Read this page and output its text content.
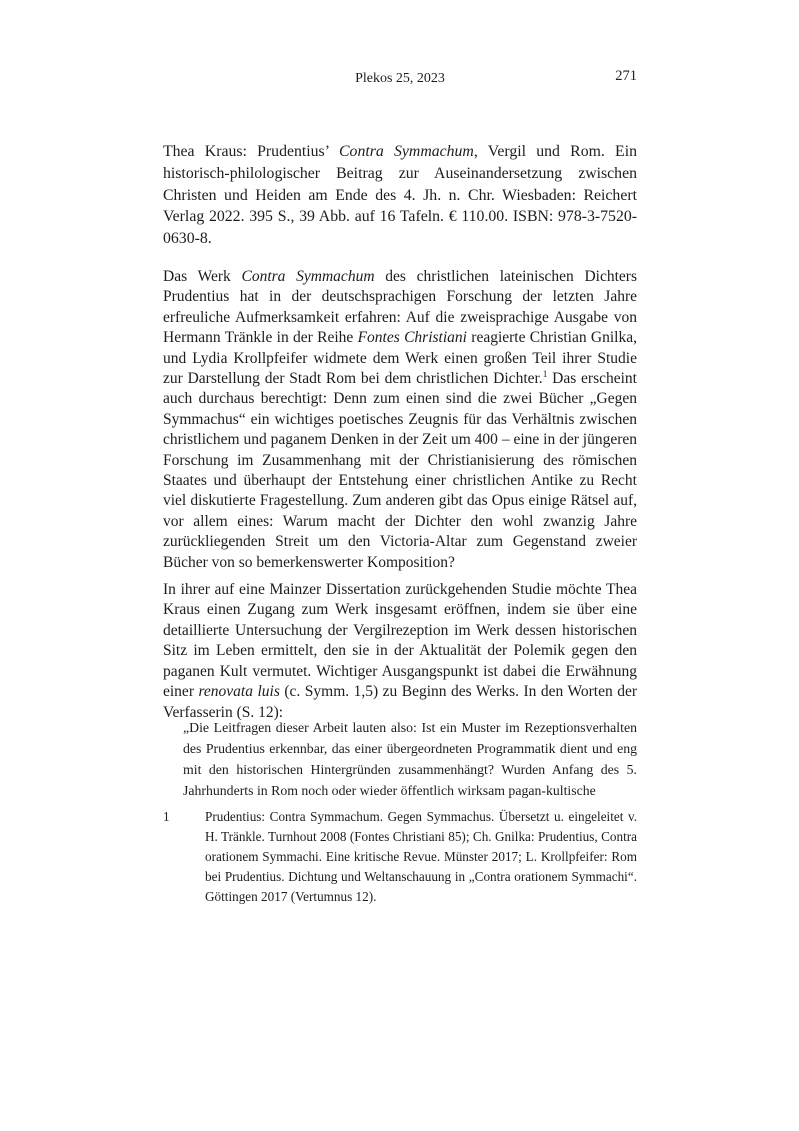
Plekos 25, 2023	271

Thea Kraus: Prudentius’ Contra Symmachum, Vergil und Rom. Ein historisch-philologischer Beitrag zur Auseinandersetzung zwischen Christen und Heiden am Ende des 4. Jh. n. Chr. Wiesbaden: Reichert Verlag 2022. 395 S., 39 Abb. auf 16 Tafeln. € 110.00. ISBN: 978-3-7520-0630-8.

Das Werk Contra Symmachum des christlichen lateinischen Dichters Prudentius hat in der deutschsprachigen Forschung der letzten Jahre erfreuliche Aufmerksamkeit erfahren: Auf die zweisprachige Ausgabe von Hermann Tränkle in der Reihe Fontes Christiani reagierte Christian Gnilka, und Lydia Krollpfeifer widmete dem Werk einen großen Teil ihrer Studie zur Darstellung der Stadt Rom bei dem christlichen Dichter.$^1$ Das erscheint auch durchaus berechtigt: Denn zum einen sind die zwei Bücher „Gegen Symmachus“ ein wichtiges poetisches Zeugnis für das Verhältnis zwischen christlichem und paganem Denken in der Zeit um 400 – eine in der jüngeren Forschung im Zusammenhang mit der Christianisierung des römischen Staates und überhaupt der Entstehung einer christlichen Antike zu Recht viel diskutierte Fragestellung. Zum anderen gibt das Opus einige Rätsel auf, vor allem eines: Warum macht der Dichter den wohl zwanzig Jahre zurückliegenden Streit um den Victoria-Altar zum Gegenstand zweier Bücher von so bemerkenswerter Komposition?

In ihrer auf eine Mainzer Dissertation zurückgehenden Studie möchte Thea Kraus einen Zugang zum Werk insgesamt eröffnen, indem sie über eine detaillierte Untersuchung der Vergilrezeption im Werk dessen historischen Sitz im Leben ermittelt, den sie in der Aktualität der Polemik gegen den paganen Kult vermutet. Wichtiger Ausgangspunkt ist dabei die Erwähnung einer renovata luis (c. Symm. 1,5) zu Beginn des Werks. In den Worten der Verfasserin (S. 12):

„Die Leitfragen dieser Arbeit lauten also: Ist ein Muster im Rezeptionsverhalten des Prudentius erkennbar, das einer übergeordneten Programmatik dient und eng mit den historischen Hintergründen zusammenhängt? Wurden Anfang des 5. Jahrhunderts in Rom noch oder wieder öffentlich wirksam pagan-kultische
1	Prudentius: Contra Symmachum. Gegen Symmachus. Übersetzt u. eingeleitet v. H. Tränkle. Turnhout 2008 (Fontes Christiani 85); Ch. Gnilka: Prudentius, Contra orationem Symmachi. Eine kritische Revue. Münster 2017; L. Krollpfeifer: Rom bei Prudentius. Dichtung und Weltanschauung in „Contra orationem Symmachi“. Göttingen 2017 (Vertumnus 12).
